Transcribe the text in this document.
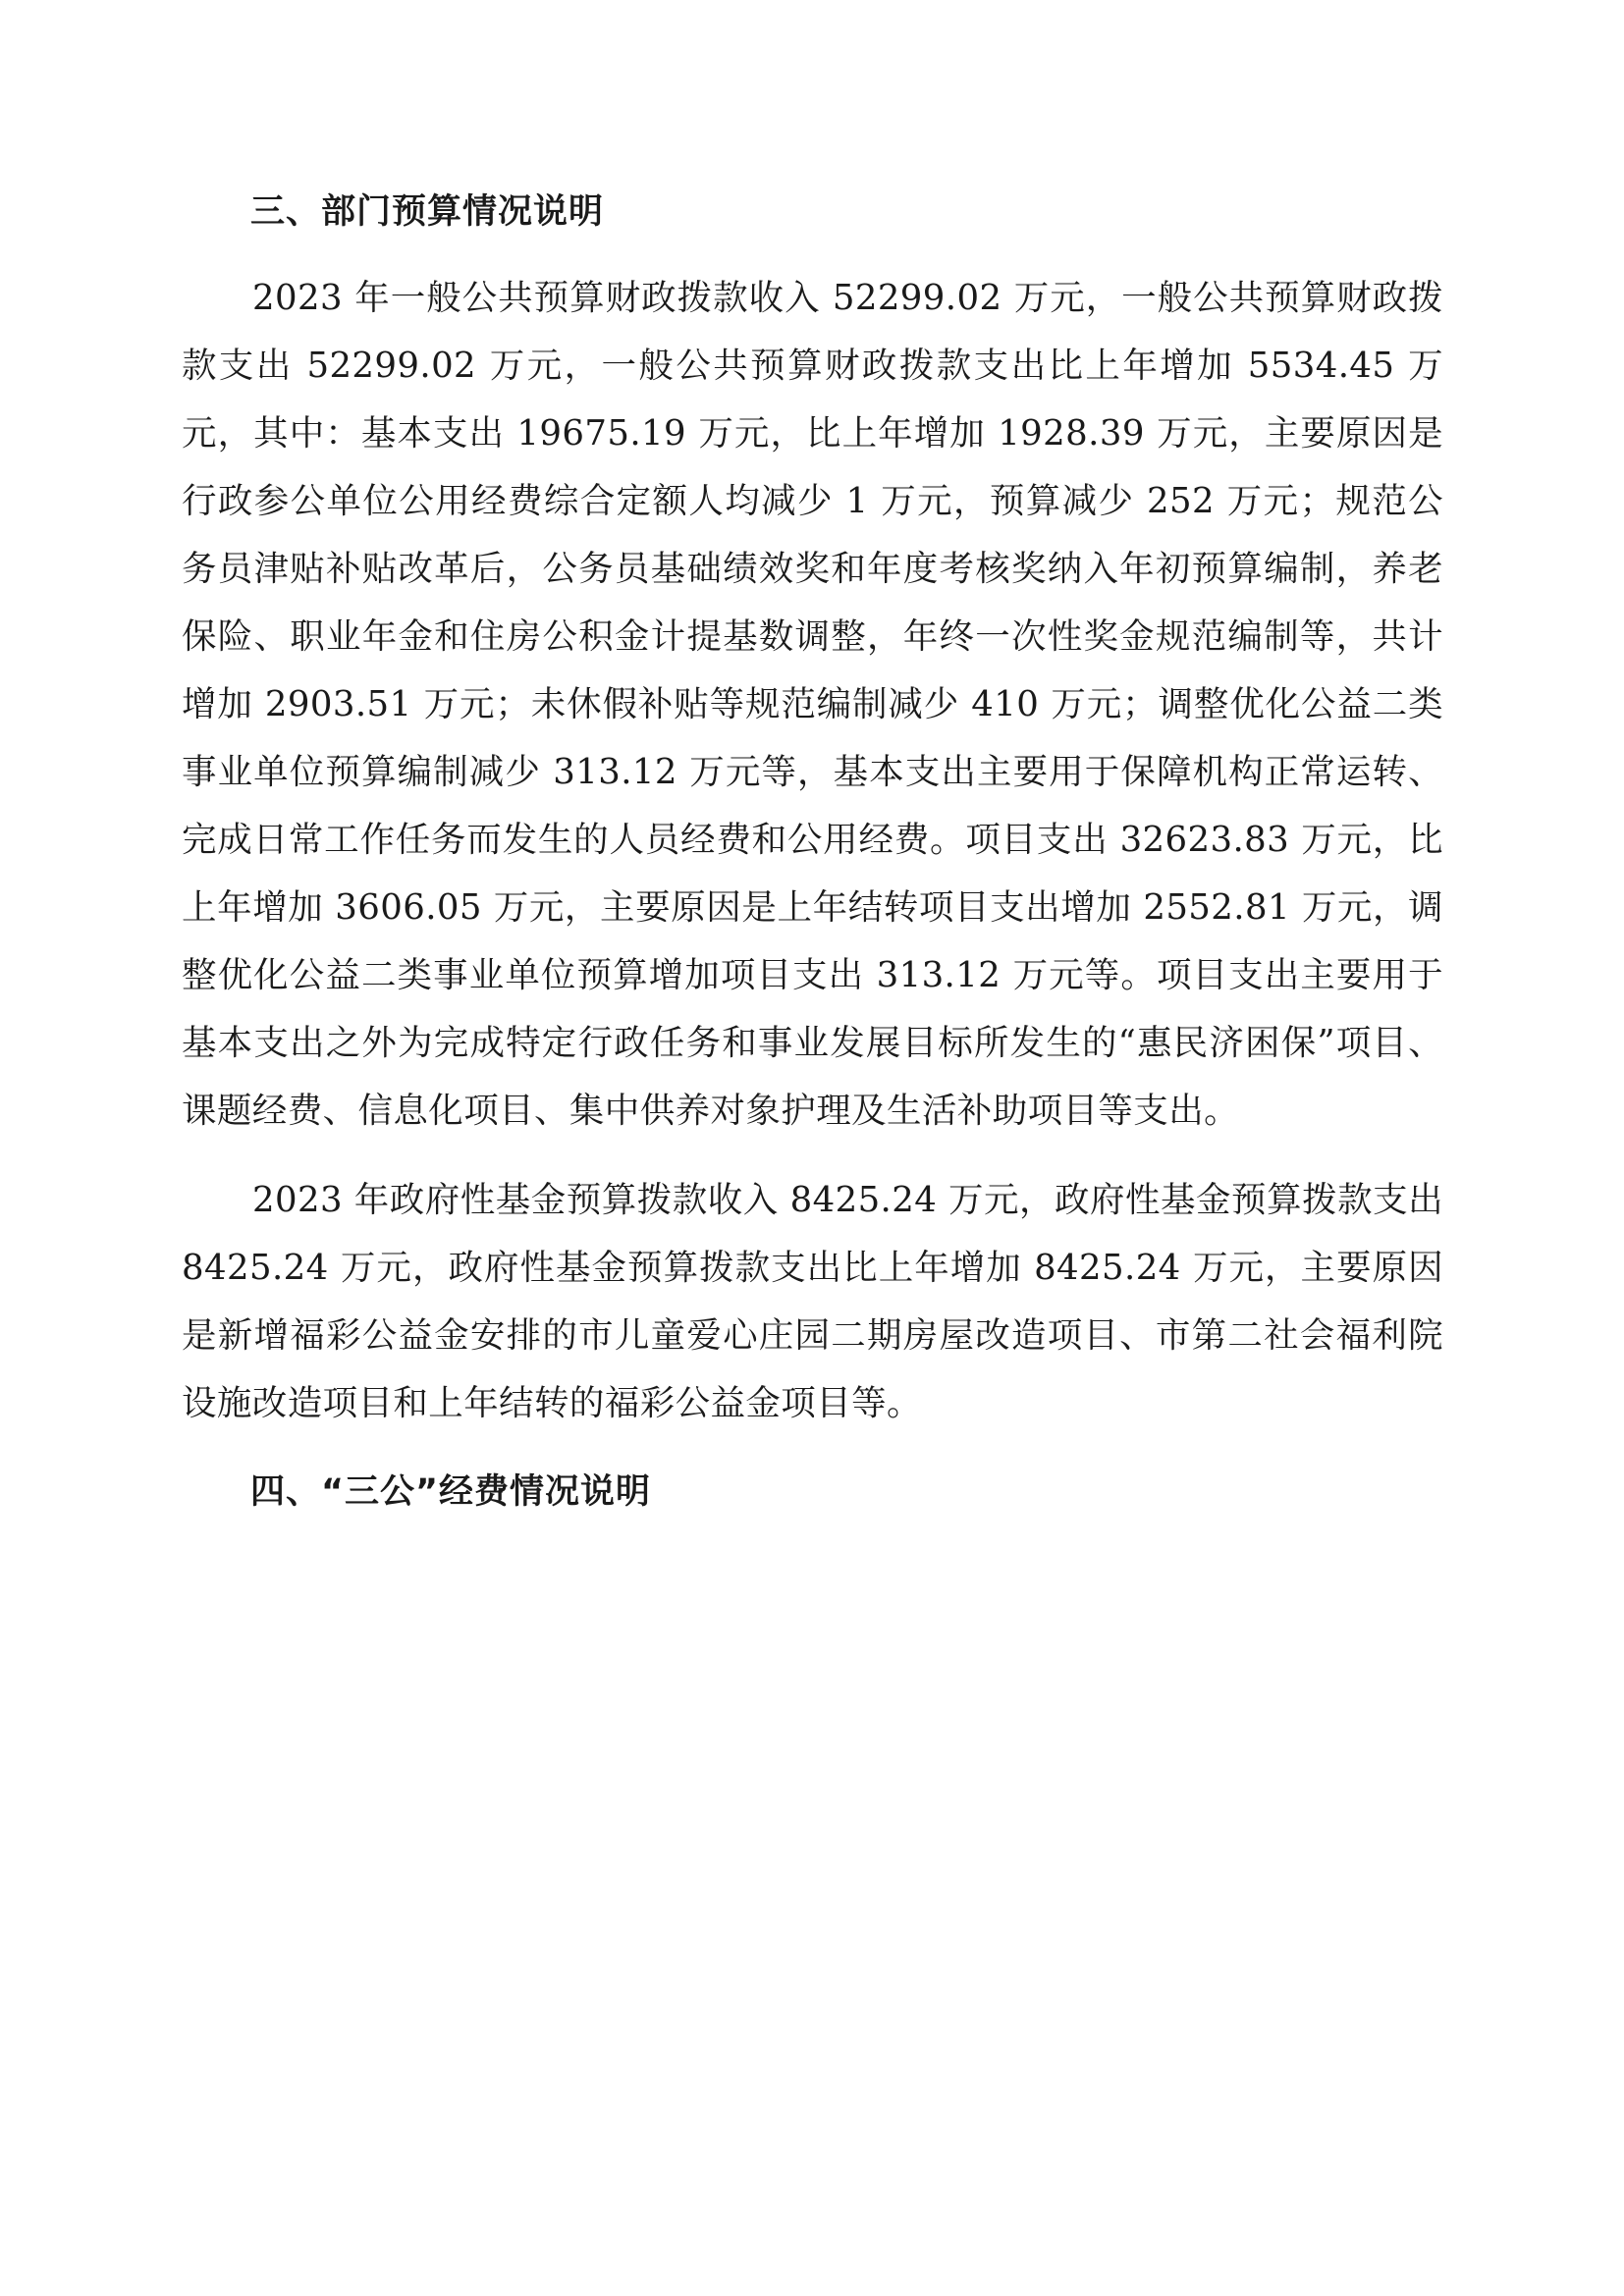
三、部门预算情况说明

2023 年一般公共预算财政拨款收入 52299.02 万元，一般公共预算财政拨款支出 52299.02 万元，一般公共预算财政拨款支出比上年增加 5534.45 万元，其中：基本支出 19675.19 万元，比上年增加 1928.39 万元，主要原因是行政参公单位公用经费综合定额人均减少 1 万元，预算减少 252 万元；规范公务员津贴补贴改革后，公务员基础绩效奖和年度考核奖纳入年初预算编制，养老保险、职业年金和住房公积金计提基数调整，年终一次性奖金规范编制等，共计增加 2903.51 万元；未休假补贴等规范编制减少 410 万元；调整优化公益二类事业单位预算编制减少 313.12 万元等，基本支出主要用于保障机构正常运转、完成日常工作任务而发生的人员经费和公用经费。项目支出 32623.83 万元，比上年增加 3606.05 万元，主要原因是上年结转项目支出增加 2552.81 万元，调整优化公益二类事业单位预算增加项目支出 313.12 万元等。项目支出主要用于基本支出之外为完成特定行政任务和事业发展目标所发生的“惠民济困保”项目、课题经费、信息化项目、集中供养对象护理及生活补助项目等支出。

2023 年政府性基金预算拨款收入 8425.24 万元，政府性基金预算拨款支出 8425.24 万元，政府性基金预算拨款支出比上年增加 8425.24 万元，主要原因是新增福彩公益金安排的市儿童爱心庄园二期房屋改造项目、市第二社会福利院设施改造项目和上年结转的福彩公益金项目等。

四、“三公”经费情况说明
